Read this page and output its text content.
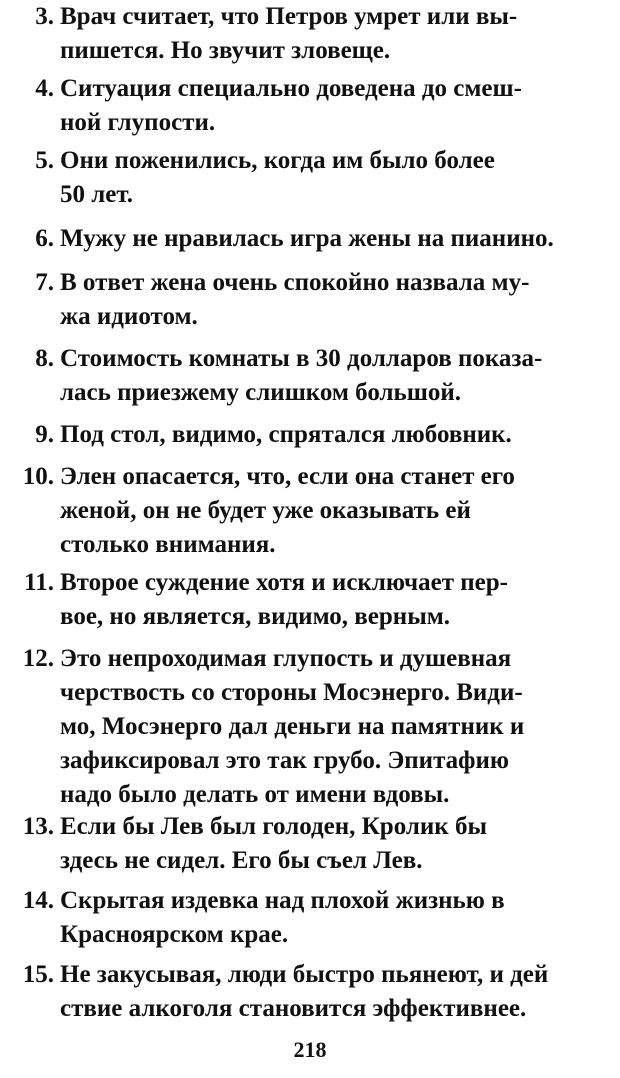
3. Врач считает, что Петров умрет или вы-
пишется. Но звучит зловеще.
4. Ситуация специально доведена до смеш-
ной глупости.
5. Они поженились, когда им было более
50 лет.
6. Мужу не нравилась игра жены на пианино.
7. В ответ жена очень спокойно назвала му-
жа идиотом.
8. Стоимость комнаты в 30 долларов показа-
лась приезжему слишком большой.
9. Под стол, видимо, спрятался любовник.
10. Элен опасается, что, если она станет его
женой, он не будет уже оказывать ей
столько внимания.
11. Второе суждение хотя и исключает пер-
вое, но является, видимо, верным.
12. Это непроходимая глупость и душевная
черствость со стороны Мосэнерго. Види-
мо, Мосэнерго дал деньги на памятник и
зафиксировал это так грубо. Эпитафию
надо было делать от имени вдовы.
13. Если бы Лев был голоден, Кролик бы
здесь не сидел. Его бы съел Лев.
14. Скрытая издевка над плохой жизнью в
Красноярском крае.
15. Не закусывая, люди быстро пьянеют, и дей
ствие алкоголя становится эффективнее.
218
